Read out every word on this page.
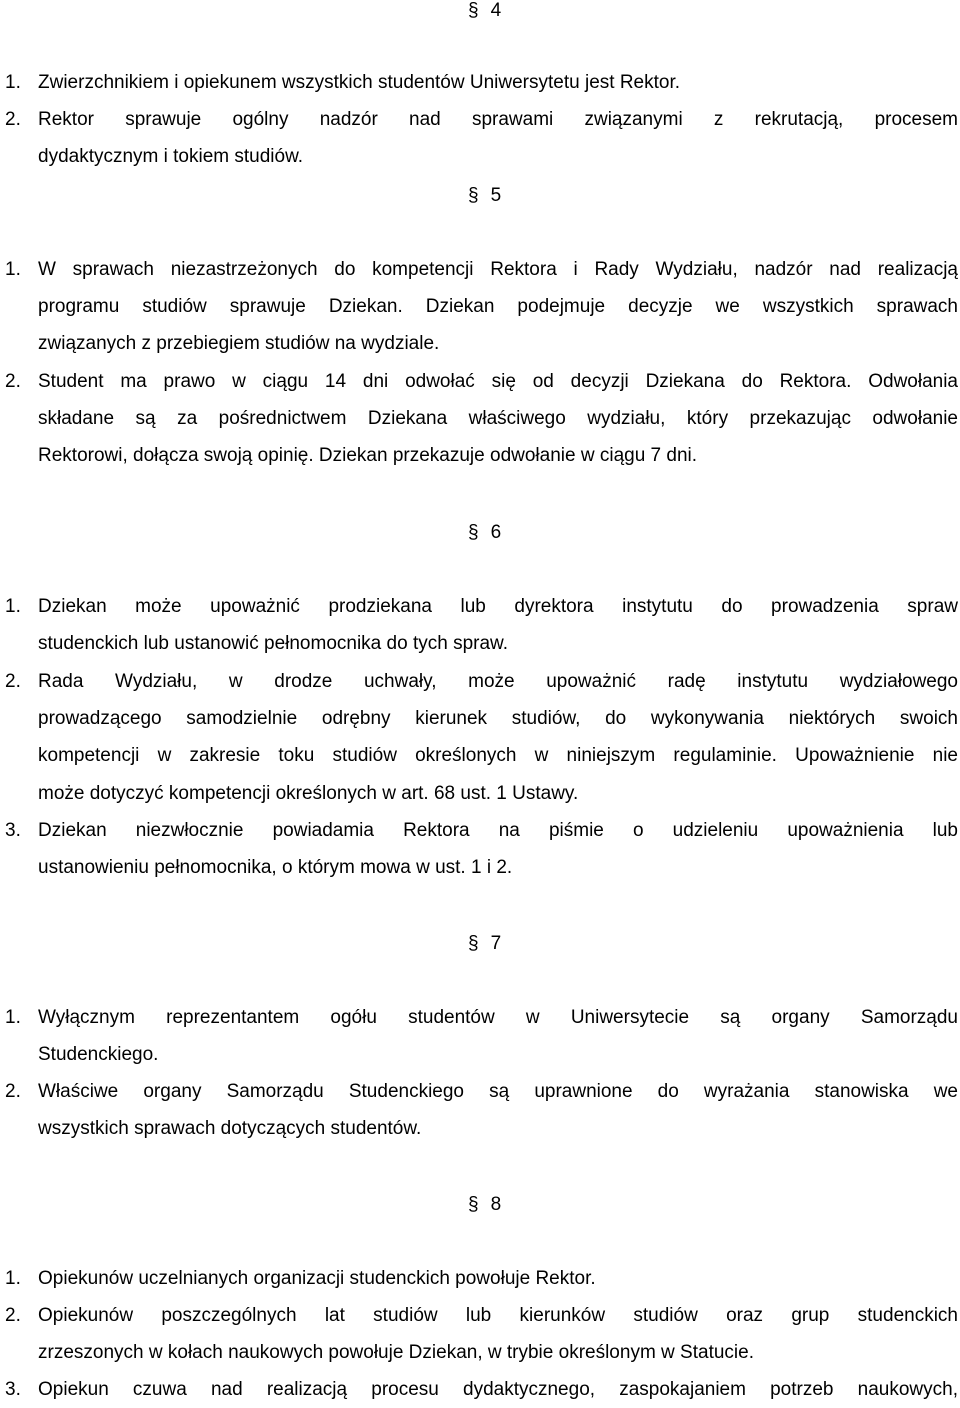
§ 4
1. Zwierzchnikiem i opiekunem wszystkich studentów Uniwersytetu jest Rektor.
2. Rektor sprawuje ogólny nadzór nad sprawami związanymi z rekrutacją, procesem
dydaktycznym i tokiem studiów.
§ 5
1. W sprawach niezastrzeżonych do kompetencji Rektora i Rady Wydziału, nadzór nad realizacją
programu studiów sprawuje Dziekan. Dziekan podejmuje decyzje we wszystkich sprawach
związanych z przebiegiem studiów na wydziale.
2. Student ma prawo w ciągu 14 dni odwołać się od decyzji Dziekana do Rektora. Odwołania
składane są za pośrednictwem Dziekana właściwego wydziału, który przekazując odwołanie
Rektorowi, dołącza swoją opinię. Dziekan przekazuje odwołanie w ciągu 7 dni.
§ 6
1. Dziekan może upoważnić prodziekana lub dyrektora instytutu do prowadzenia spraw
studenckich lub ustanowić pełnomocnika do tych spraw.
2. Rada Wydziału, w drodze uchwały, może upoważnić radę instytutu wydziałowego
prowadzącego samodzielnie odrębny kierunek studiów, do wykonywania niektórych swoich
kompetencji w zakresie toku studiów określonych w niniejszym regulaminie. Upoważnienie nie
może dotyczyć kompetencji określonych w art. 68 ust. 1 Ustawy.
3. Dziekan niezwłocznie powiadamia Rektora na piśmie o udzieleniu upoważnienia lub
ustanowieniu pełnomocnika, o którym mowa w ust. 1 i 2.
§ 7
1. Wyłącznym reprezentantem ogółu studentów w Uniwersytecie są organy Samorządu
Studenckiego.
2. Właściwe organy Samorządu Studenckiego są uprawnione do wyrażania stanowiska we
wszystkich sprawach dotyczących studentów.
§ 8
1. Opiekunów uczelnianych organizacji studenckich powołuje Rektor.
2. Opiekunów poszczególnych lat studiów lub kierunków studiów oraz grup studenckich
zrzeszonych w kołach naukowych powołuje Dziekan, w trybie określonym w Statucie.
3. Opiekun czuwa nad realizacją procesu dydaktycznego, zaspokajaniem potrzeb naukowych,
